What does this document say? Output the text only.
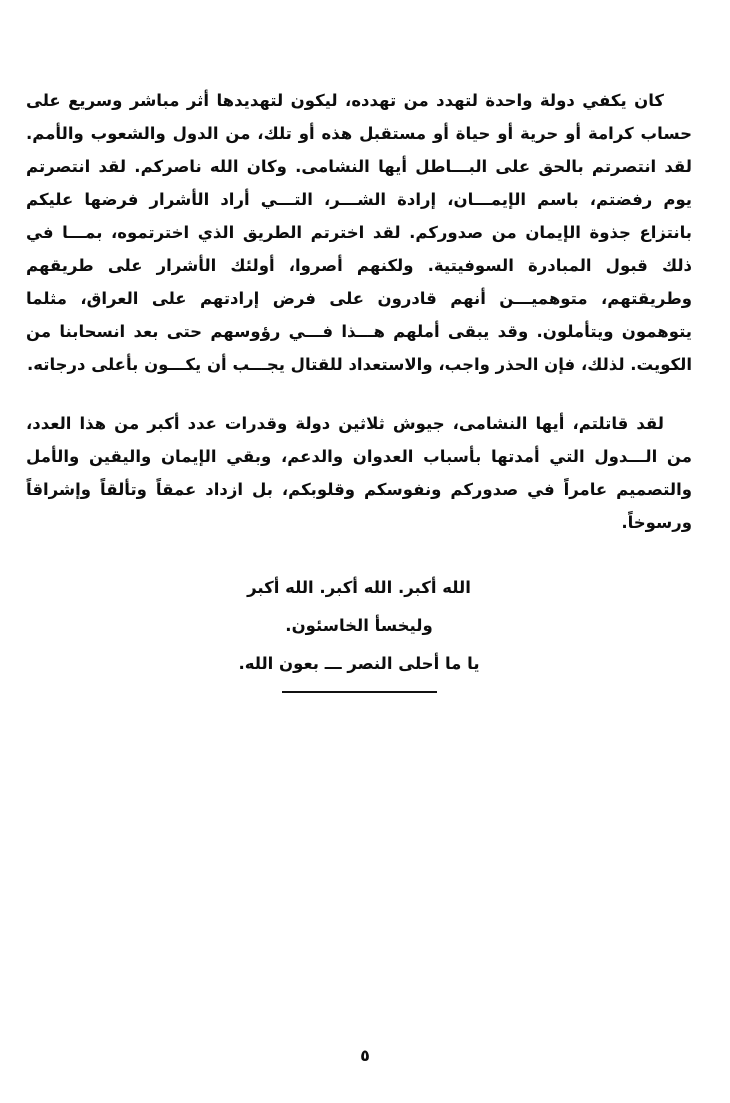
كان يكفي دولة واحدة لتهدد من تهدده، ليكون لتهديدها أثر مباشر وسريع على حساب كرامة أو حرية أو حياة أو مستقبل هذه أو تلك، من الدول والشعوب والأمم. لقد انتصرتم بالحق على البـــاطل أيها النشامى. وكان الله ناصركم. لقد انتصرتم يوم رفضتم، باسم الإيمـــان، إرادة الشـــر، التـــي أراد الأشرار فرضها عليكم بانتزاع جذوة الإيمان من صدوركم. لقد اخترتم الطريق الذي اخترتموه، بمـــا في ذلك قبول المبادرة السوفيتية. ولكنهم أصروا، أولئك الأشرار على طريقهم وطريقتهم، متوهميـــن أنهم قادرون على فرض إرادتهم على العراق، مثلما يتوهمون ويتأملون. وقد يبقى أملهم هـــذا فـــي رؤوسهم حتى بعد انسحابنا من الكويت. لذلك، فإن الحذر واجب، والاستعداد للقتال يجـــب أن يكـــون بأعلى درجاته.

لقد قاتلتم، أيها النشامى، جيوش ثلاثين دولة وقدرات عدد أكبر من هذا العدد، من الـــدول التي أمدتها بأسباب العدوان والدعم، وبقي الإيمان واليقين والأمل والتصميم عامراً في صدوركم ونفوسكم وقلوبكم، بل ازداد عمقاً وتألقاً وإشراقاً ورسوخاً.

الله أكبر. الله أكبر. الله أكبر
وليخسأ الخاسئون.
يا ما أحلى النصر ـــ بعون الله.
٥
